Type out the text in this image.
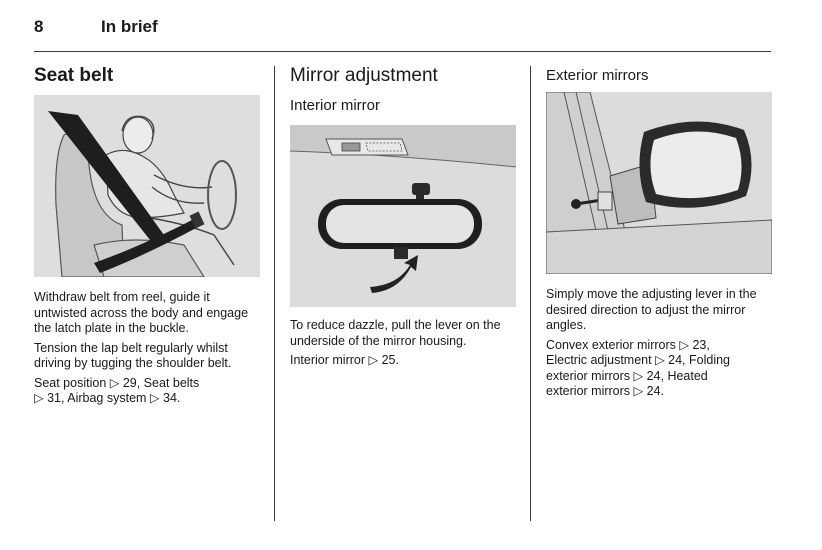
8	In brief
Seat belt

Withdraw belt from reel, guide it untwisted across the body and engage the latch plate in the buckle.

Tension the lap belt regularly whilst driving by tugging the shoulder belt.

Seat position ▷ 29, Seat belts
▷ 31, Airbag system ▷ 34.

Mirror adjustment
Interior mirror

To reduce dazzle, pull the lever on the underside of the mirror housing.

Interior mirror ▷ 25.

Exterior mirrors

Simply move the adjusting lever in the desired direction to adjust the mirror angles.

Convex exterior mirrors ▷ 23,
Electric adjustment ▷ 24, Folding
exterior mirrors ▷ 24, Heated
exterior mirrors ▷ 24.
